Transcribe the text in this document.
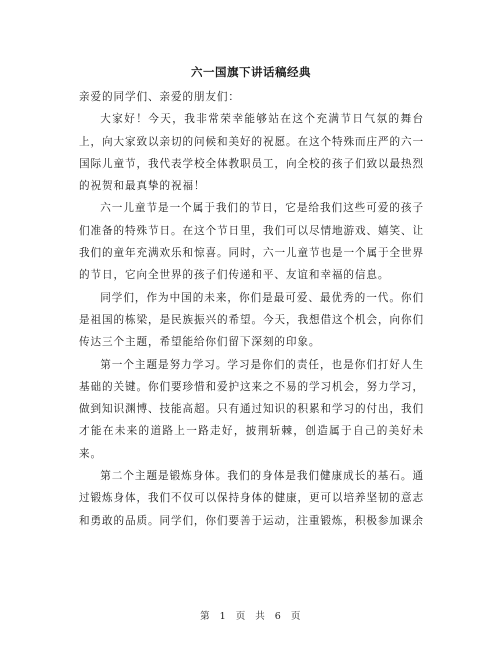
六一国旗下讲话稿经典

亲爱的同学们、亲爱的朋友们：

大家好！今天，我非常荣幸能够站在这个充满节日气氛的舞台上，向大家致以亲切的问候和美好的祝愿。在这个特殊而庄严的六一国际儿童节，我代表学校全体教职员工，向全校的孩子们致以最热烈的祝贺和最真挚的祝福！

六一儿童节是一个属于我们的节日，它是给我们这些可爱的孩子们准备的特殊节日。在这个节日里，我们可以尽情地游戏、嬉笑、让我们的童年充满欢乐和惊喜。同时，六一儿童节也是一个属于全世界的节日，它向全世界的孩子们传递和平、友谊和幸福的信息。

同学们，作为中国的未来，你们是最可爱、最优秀的一代。你们是祖国的栋梁，是民族振兴的希望。今天，我想借这个机会，向你们传达三个主题，希望能给你们留下深刻的印象。

第一个主题是努力学习。学习是你们的责任，也是你们打好人生基础的关键。你们要珍惜和爱护这来之不易的学习机会，努力学习，做到知识渊博、技能高超。只有通过知识的积累和学习的付出，我们才能在未来的道路上一路走好，披荆斩棘，创造属于自己的美好未来。

第二个主题是锻炼身体。我们的身体是我们健康成长的基石。通过锻炼身体，我们不仅可以保持身体的健康，更可以培养坚韧的意志和勇敢的品质。同学们，你们要善于运动，注重锻炼，积极参加课余

第 1 页 共 6 页
